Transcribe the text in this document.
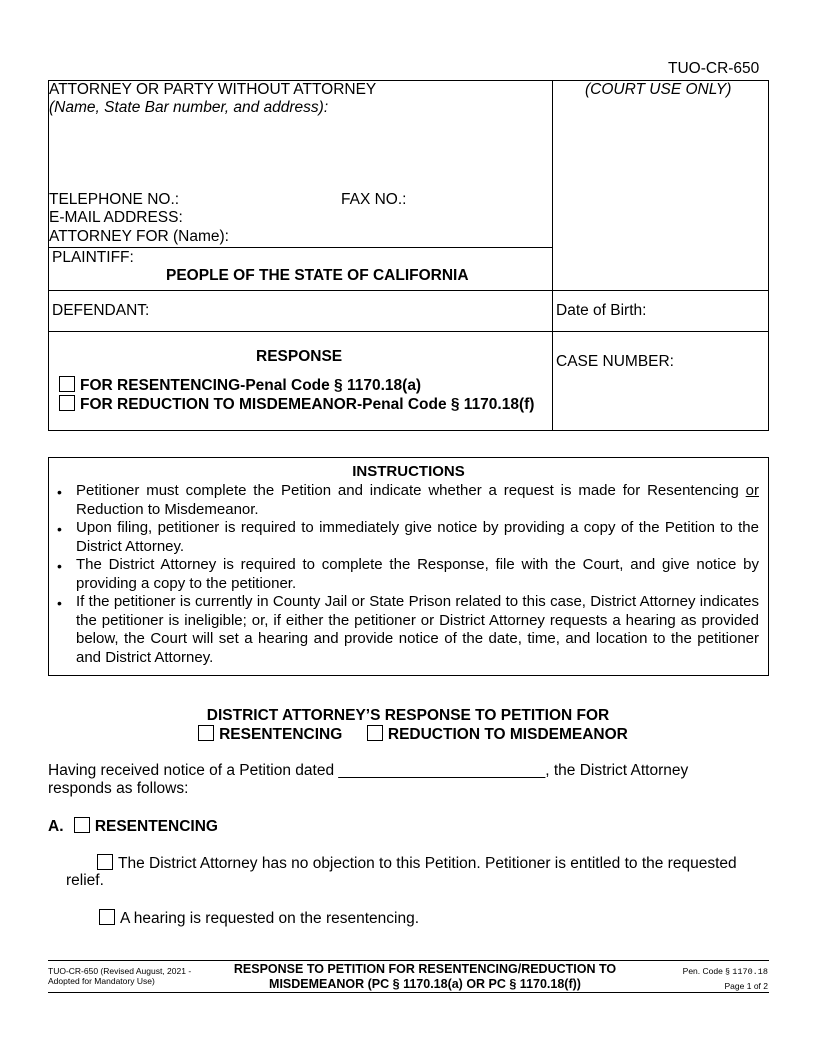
TUO-CR-650
ATTORNEY OR PARTY WITHOUT ATTORNEY
(Name, State Bar number, and address):
(COURT USE ONLY)
TELEPHONE NO.:	FAX NO.:
E-MAIL ADDRESS:
ATTORNEY FOR (Name):
PLAINTIFF:
PEOPLE OF THE STATE OF CALIFORNIA
DEFENDANT:	Date of Birth:
RESPONSE
FOR RESENTENCING-Penal Code § 1170.18(a)
FOR REDUCTION TO MISDEMEANOR-Penal Code § 1170.18(f)
CASE NUMBER:
INSTRUCTIONS
• Petitioner must complete the Petition and indicate whether a request is made for Resentencing or Reduction to Misdemeanor.
• Upon filing, petitioner is required to immediately give notice by providing a copy of the Petition to the District Attorney.
• The District Attorney is required to complete the Response, file with the Court, and give notice by providing a copy to the petitioner.
• If the petitioner is currently in County Jail or State Prison related to this case, District Attorney indicates the petitioner is ineligible; or, if either the petitioner or District Attorney requests a hearing as provided below, the Court will set a hearing and provide notice of the date, time, and location to the petitioner and District Attorney.
DISTRICT ATTORNEY’S RESPONSE TO PETITION FOR
RESENTENCING	REDUCTION TO MISDEMEANOR
Having received notice of a Petition dated ________________________, the District Attorney
responds as follows:
A. RESENTENCING
The District Attorney has no objection to this Petition. Petitioner is entitled to the requested
relief.
A hearing is requested on the resentencing.
TUO-CR-650 (Revised August, 2021 -
Adopted for Mandatory Use)
RESPONSE TO PETITION FOR RESENTENCING/REDUCTION TO
MISDEMEANOR (PC § 1170.18(a) OR PC § 1170.18(f))
Pen. Code § 1170.18
Page 1 of 2
